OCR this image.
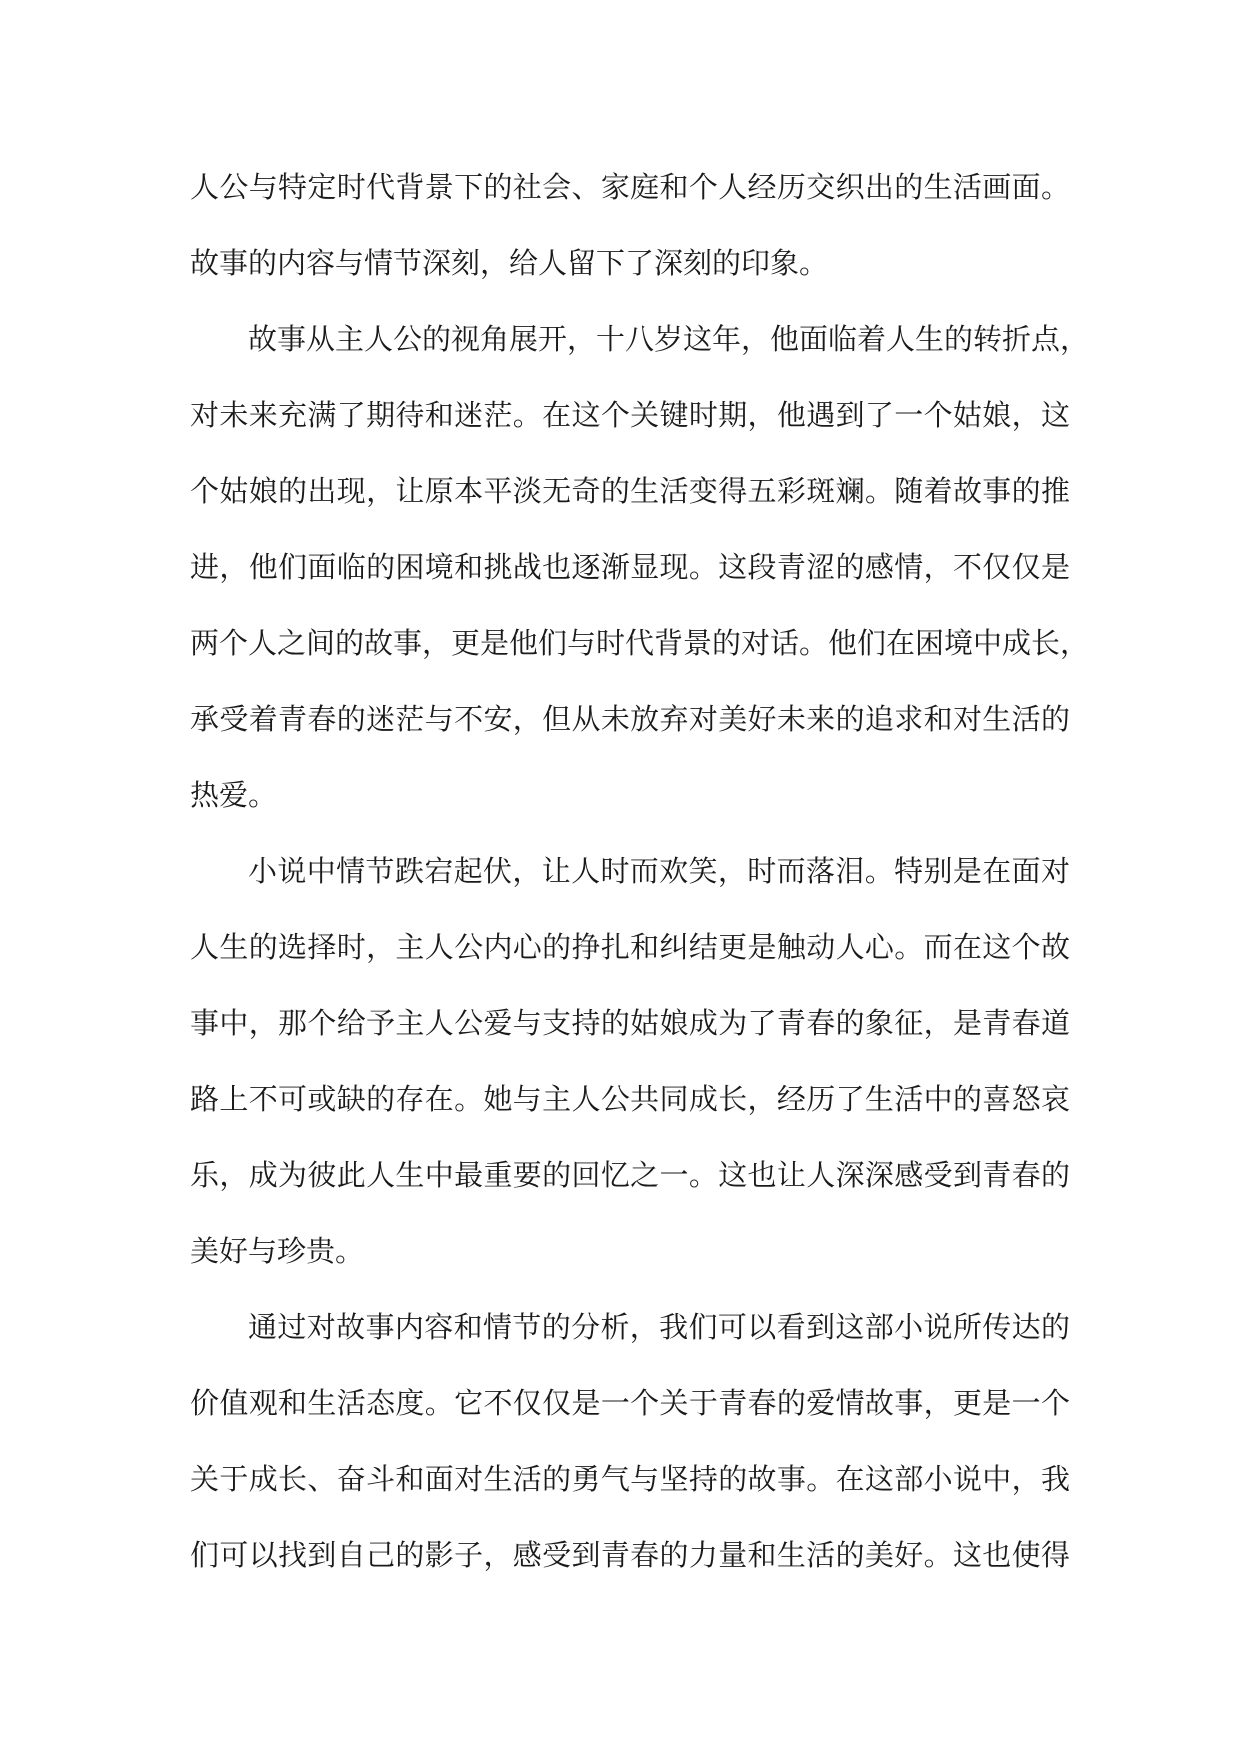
人公与特定时代背景下的社会、家庭和个人经历交织出的生活画面。
故事的内容与情节深刻，给人留下了深刻的印象。
故事从主人公的视角展开，十八岁这年，他面临着人生的转折点，
对未来充满了期待和迷茫。在这个关键时期，他遇到了一个姑娘，这
个姑娘的出现，让原本平淡无奇的生活变得五彩斑斓。随着故事的推
进，他们面临的困境和挑战也逐渐显现。这段青涩的感情，不仅仅是
两个人之间的故事，更是他们与时代背景的对话。他们在困境中成长，
承受着青春的迷茫与不安，但从未放弃对美好未来的追求和对生活的
热爱。
小说中情节跌宕起伏，让人时而欢笑，时而落泪。特别是在面对
人生的选择时，主人公内心的挣扎和纠结更是触动人心。而在这个故
事中，那个给予主人公爱与支持的姑娘成为了青春的象征，是青春道
路上不可或缺的存在。她与主人公共同成长，经历了生活中的喜怒哀
乐，成为彼此人生中最重要的回忆之一。这也让人深深感受到青春的
美好与珍贵。
通过对故事内容和情节的分析，我们可以看到这部小说所传达的
价值观和生活态度。它不仅仅是一个关于青春的爱情故事，更是一个
关于成长、奋斗和面对生活的勇气与坚持的故事。在这部小说中，我
们可以找到自己的影子，感受到青春的力量和生活的美好。这也使得
